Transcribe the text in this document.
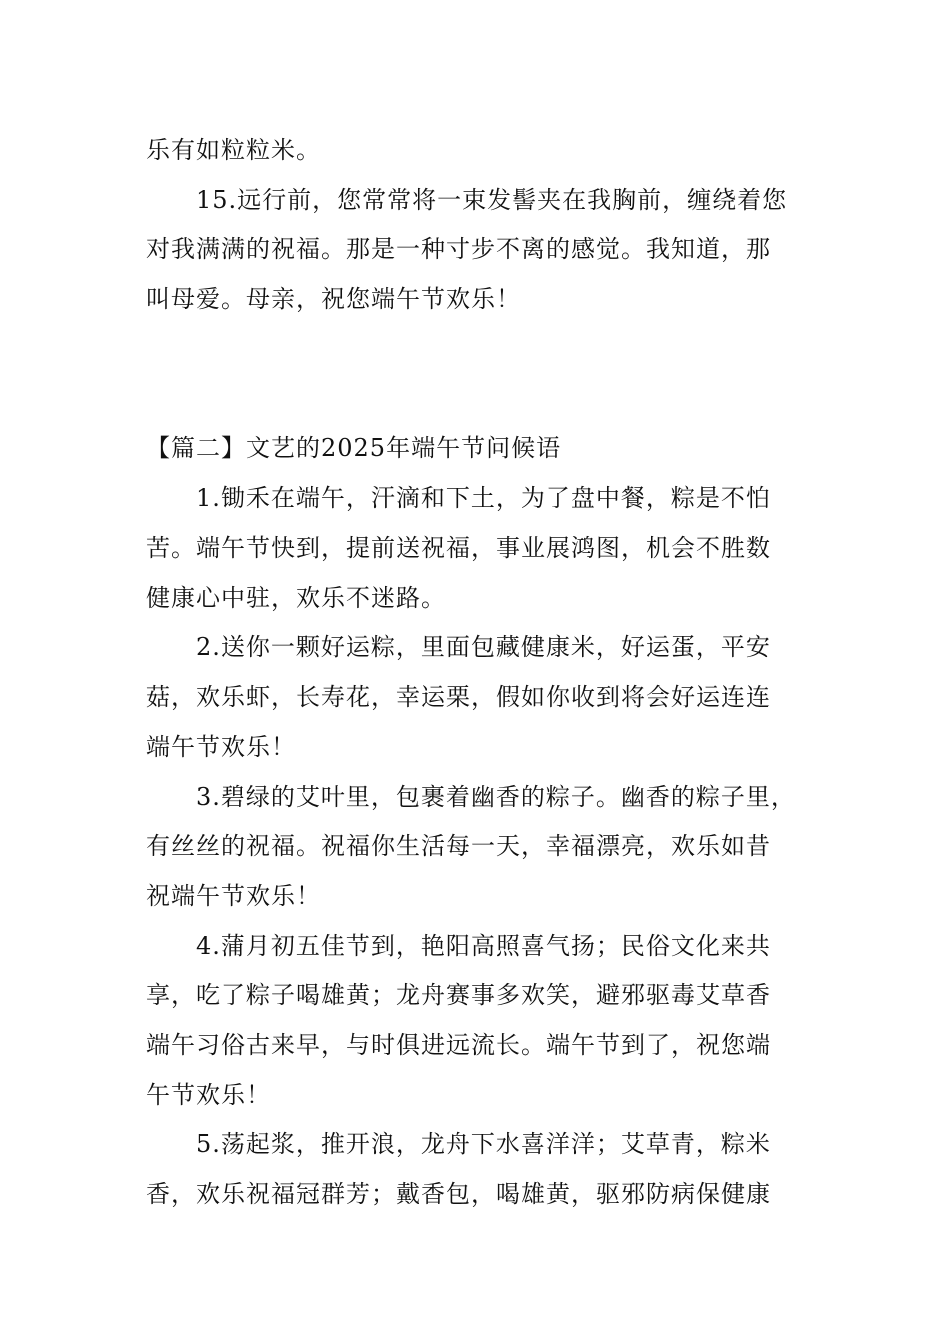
乐有如粒粒米。
15.远行前，您常常将一束发髻夹在我胸前，缠绕着您
对我满满的祝福。那是一种寸步不离的感觉。我知道，那
叫母爱。母亲，祝您端午节欢乐！
【篇二】文艺的2025年端午节问候语
1.锄禾在端午，汗滴和下土，为了盘中餐，粽是不怕
苦。端午节快到，提前送祝福，事业展鸿图，机会不胜数
健康心中驻，欢乐不迷路。
2.送你一颗好运粽，里面包藏健康米，好运蛋，平安
菇，欢乐虾，长寿花，幸运栗，假如你收到将会好运连连
端午节欢乐！
3.碧绿的艾叶里，包裹着幽香的粽子。幽香的粽子里，
有丝丝的祝福。祝福你生活每一天，幸福漂亮，欢乐如昔
祝端午节欢乐！
4.蒲月初五佳节到，艳阳高照喜气扬；民俗文化来共
享，吃了粽子喝雄黄；龙舟赛事多欢笑，避邪驱毒艾草香
端午习俗古来早，与时俱进远流长。端午节到了，祝您端
午节欢乐！
5.荡起浆，推开浪，龙舟下水喜洋洋；艾草青，粽米
香，欢乐祝福冠群芳；戴香包，喝雄黄，驱邪防病保健康
